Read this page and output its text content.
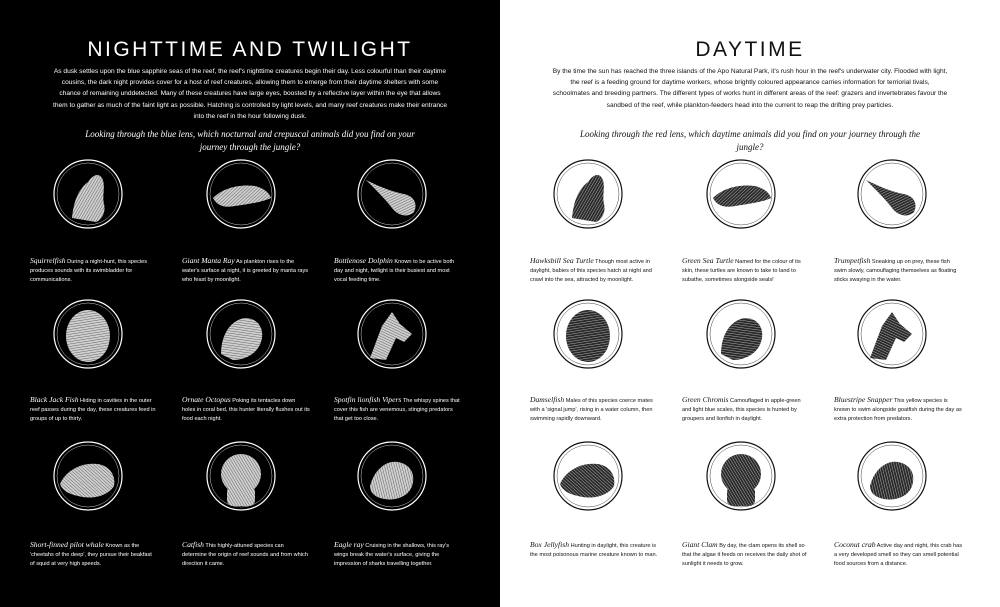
NIGHTTIME AND TWILIGHT

As dusk settles upon the blue sapphire seas of the reef, the reef's nighttime creatures begin their day. Less colourful than their daytime cousins, the dark night provides cover for a host of reef creatures, allowing them to emerge from their daytime shelters with some chance of remaining unddetected. Many of these creatures have large eyes, boosted by a reflective layer within the eye that allows them to gather as much of the faint light as possible. Hatching is controlled by light levels, and many reef creatures make their entrance into the reef in the hour following dusk.

Looking through the blue lens, which nocturnal and crepuscal animals did you find on your journey through the jungle?

Squirrelfish During a night-hunt, this species produces sounds with its swimbladder for communications.

Giant Manta Ray As plankton rises to the water's surface at night, it is greeted by manta rays who feast by moonlight.

Bottlenose Dolphin Known to be active both day and night, twilight is their busiest and most vocal feeding time.

Black Jack Fish Hiding in cavities in the outer reef passes during the day, these creatures feed in groups of up to thirty.

Ornate Octopus Poking its tentacles down holes in coral bed, this hunter literally flushes out its food each night.

Spotfin lionfish Vipers The whispy spines that cover this fish are venemous, stinging predators that get too close.

Short-finned pilot whale Known as the 'cheetahs of the deep', they pursue their beakfast of squid at very high speeds.

Catfish This highly-attuned species can determine the origin of reef sounds and from which direction it came.

Eagle ray Cruising in the shallows, this ray's wings break the water's surface, giving the impression of sharks travelling together.

DAYTIME

By the time the sun has reached the three islands of the Apo Natural Park, it's rush hour in the reef's underwater city. Flooded with light, the reef is a feeding ground for daytime workers, whose brightly coloured appearance carries information for terriorial tivals, schoolmates and breeding partners. The different types of works hunt in different areas of the reef: grazers and invertebrates favour the sandbed of the reef, while plankton-feeders head into the current to reap the drifting prey particles.

Looking through the red lens, which daytime animals did you find on your journey through the jungle?

Hawksbill Sea Turtle Though most active in daylight, babies of this species hatch at night and crawl into the sea, attracted by moonlight.

Green Sea Turtle Named for the colour of its skin, these turtles are known to take to land to subathe, sometimes alongside seals!

Trumpetfish Sneaking up on prey, these fish swim slowly, camouflaging themselves as floating sticks swaying in the water.

Damselfish Males of this species coerce mates with a 'signal jump', rising in a water column, then swimming rapidly downward.

Green Chromis Camouflaged in apple-green and light blue scales, this species is hunted by groupers and lionfish in daylight.

Bluestripe Snapper This yellow species is known to swim alongside goatfish during the day as extra protection from predators.

Box Jellyfish Hunting in daylight, this creature is the most poisonous marine creature known to man.

Giant Clam By day, the clam opens its shell so that the algae it feeds on receives the daily shot of sunlight it needs to grow.

Coconut crab Active day and night, this crab has a very developed smell so they can smell potential food sources from a distance.
